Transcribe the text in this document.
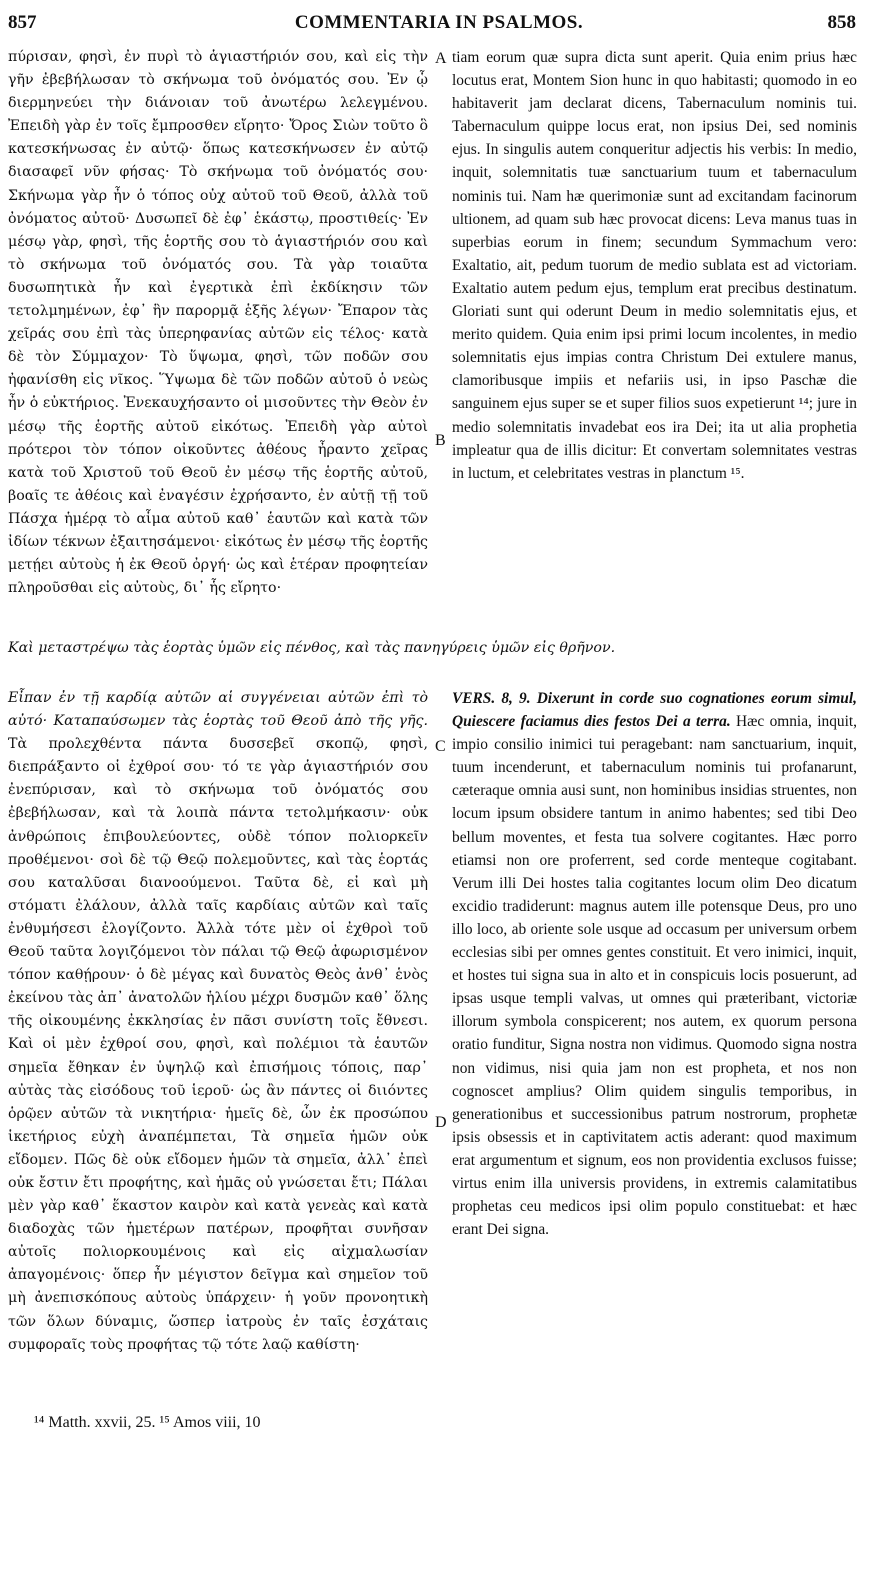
857	COMMENTARIA IN PSALMOS.	858
πύρισαν, φησὶ, ἐν πυρὶ τὸ ἁγιαστήριόν σου, καὶ εἰς τὴν γῆν ἐβεβήλωσαν τὸ σκήνωμα τοῦ ὀνόματός σου. Ἐν ᾧ διερμηνεύει τὴν διάνοιαν τοῦ ἀνωτέρω λελεγμένου. Ἐπειδὴ γὰρ ἐν τοῖς ἔμπροσθεν εἴρητο· Ὄρος Σιὼν τοῦτο ὃ κατεσκήνωσας ἐν αὐτῷ· ὅπως κατεσκήνωσεν ἐν αὐτῷ διασαφεῖ νῦν φήσας· Τὸ σκήνωμα τοῦ ὀνόματός σου· Σκήνωμα γὰρ ἦν ὁ τόπος οὐχ αὐτοῦ τοῦ Θεοῦ, ἀλλὰ τοῦ ὀνόματος αὐτοῦ· Δυσωπεῖ δὲ ἐφ᾽ ἑκάστῳ, προστιθείς· Ἐν μέσῳ γὰρ, φησὶ, τῆς ἑορτῆς σου τὸ ἁγιαστήριόν σου καὶ τὸ σκήνωμα τοῦ ὀνόματός σου. Τὰ γὰρ τοιαῦτα δυσωπητικὰ ἦν καὶ ἐγερτικὰ ἐπὶ ἐκδίκησιν τῶν τετολμημένων, ἐφ᾽ ἣν παρορμᾷ ἑξῆς λέγων· Ἔπαρον τὰς χεῖράς σου ἐπὶ τὰς ὑπερηφανίας αὐτῶν εἰς τέλος· κατὰ δὲ τὸν Σύμμαχον· Τὸ ὕψωμα, φησὶ, τῶν ποδῶν σου ἠφανίσθη εἰς νῖκος. Ὕψωμα δὲ τῶν ποδῶν αὐτοῦ ὁ νεὼς ἦν ὁ εὐκτήριος. Ἐνεκαυχήσαντο οἱ μισοῦντες τὴν Θεὸν ἐν μέσῳ τῆς ἑορτῆς αὐτοῦ εἰκότως. Ἐπειδὴ γὰρ αὐτοὶ πρότεροι τὸν τόπον οἰκοῦντες ἀθέους ἦραντο χεῖρας κατὰ τοῦ Χριστοῦ τοῦ Θεοῦ ἐν μέσῳ τῆς ἑορτῆς αὐτοῦ, βοαῖς τε ἀθέοις καὶ ἐναγέσιν ἐχρήσαντο, ἐν αὐτῇ τῇ τοῦ Πάσχα ἡμέρᾳ τὸ αἷμα αὐτοῦ καθ᾽ ἑαυτῶν καὶ κατὰ τῶν ἰδίων τέκνων ἐξαιτησάμενοι· εἰκότως ἐν μέσῳ τῆς ἑορτῆς μετῄει αὐτοὺς ἡ ἐκ Θεοῦ ὀργή· ὡς καὶ ἑτέραν προφητείαν πληροῦσθαι εἰς αὐτοὺς, δι᾽ ἧς εἴρητο·
tiam eorum quæ supra dicta sunt aperit. Quia enim prius hæc locutus erat, Montem Sion hunc in quo habitasti; quomodo in eo habitaverit jam declarat dicens, Tabernaculum nominis tui. Tabernaculum quippe locus erat, non ipsius Dei, sed nominis ejus. In singulis autem conqueritur adjectis his verbis: In medio, inquit, solemnitatis tuæ sanctuarium tuum et tabernaculum nominis tui. Nam hæ querimoniæ sunt ad excitandam facinorum ultionem, ad quam sub hæc provocat dicens: Leva manus tuas in superbias eorum in finem; secundum Symmachum vero: Exaltatio, ait, pedum tuorum de medio sublata est ad victoriam. Exaltatio autem pedum ejus, templum erat precibus destinatum. Gloriati sunt qui oderunt Deum in medio solemnitatis ejus, et merito quidem. Quia enim ipsi primi locum incolentes, in medio solemnitatis ejus impias contra Christum Dei extulere manus, clamoribusque impiis et nefariis usi, in ipso Paschæ die sanguinem ejus super se et super filios suos expetierunt ¹⁴; jure in medio solemnitatis invadebat eos ira Dei; ita ut alia prophetia impleatur qua de illis dicitur: Et convertam solemnitates vestras in luctum, et celebritates vestras in planctum ¹⁵.
Καὶ μεταστρέψω τὰς ἑορτὰς ὑμῶν εἰς πένθος, καὶ τὰς πανηγύρεις ὑμῶν εἰς θρῆνον.
Εἶπαν ἐν τῇ καρδίᾳ αὐτῶν αἱ συγγένειαι αὐτῶν ἐπὶ τὸ αὐτό· Καταπαύσωμεν τὰς ἑορτὰς τοῦ Θεοῦ ἀπὸ τῆς γῆς. Τὰ προλεχθέντα πάντα δυσσεβεῖ σκοπῷ, φησὶ, διεπράξαντο οἱ ἐχθροί σου· τό τε γὰρ ἁγιαστήριόν σου ἐνεπύρισαν, καὶ τὸ σκήνωμα τοῦ ὀνόματός σου ἐβεβήλωσαν, καὶ τὰ λοιπὰ πάντα τετολμήκασιν· οὐκ ἀνθρώποις ἐπιβουλεύοντες, οὐδὲ τόπον πολιορκεῖν προθέμενοι· σοὶ δὲ τῷ Θεῷ πολεμοῦντες, καὶ τὰς ἑορτάς σου καταλῦσαι διανοούμενοι. Ταῦτα δὲ, εἰ καὶ μὴ στόματι ἐλάλουν, ἀλλὰ ταῖς καρδίαις αὐτῶν καὶ ταῖς ἐνθυμήσεσι ἐλογίζοντο. Ἀλλὰ τότε μὲν οἱ ἐχθροὶ τοῦ Θεοῦ ταῦτα λογιζόμενοι τὸν πάλαι τῷ Θεῷ ἀφωρισμένον τόπον καθῄρουν· ὁ δὲ μέγας καὶ δυνατὸς Θεὸς ἀνθ᾽ ἑνὸς ἐκείνου τὰς ἀπ᾽ ἀνατολῶν ἡλίου μέχρι δυσμῶν καθ᾽ ὅλης τῆς οἰκουμένης ἐκκλησίας ἐν πᾶσι συνίστη τοῖς ἔθνεσι. Καὶ οἱ μὲν ἐχθροί σου, φησὶ, καὶ πολέμιοι τὰ ἑαυτῶν σημεῖα ἔθηκαν ἐν ὑψηλῷ καὶ ἐπισήμοις τόποις, παρ᾽ αὐτὰς τὰς εἰσόδους τοῦ ἱεροῦ· ὡς ἂν πάντες οἱ διιόντες ὁρῷεν αὐτῶν τὰ νικητήρια· ἡμεῖς δὲ, ὧν ἐκ προσώπου ἱκετήριος εὐχὴ ἀναπέμπεται, Τὰ σημεῖα ἡμῶν οὐκ εἴδομεν. Πῶς δὲ οὐκ εἴδομεν ἡμῶν τὰ σημεῖα, ἀλλ᾽ ἐπεὶ οὐκ ἔστιν ἔτι προφήτης, καὶ ἡμᾶς οὐ γνώσεται ἔτι; Πάλαι μὲν γὰρ καθ᾽ ἕκαστον καιρὸν καὶ κατὰ γενεὰς καὶ κατὰ διαδοχὰς τῶν ἡμετέρων πατέρων, προφῆται συνῆσαν αὐτοῖς πολιορκουμένοις καὶ εἰς αἰχμαλωσίαν ἀπαγομένοις· ὅπερ ἦν μέγιστον δεῖγμα καὶ σημεῖον τοῦ μὴ ἀνεπισκόπους αὐτοὺς ὑπάρχειν· ἡ γοῦν προνοητικὴ τῶν ὅλων δύναμις, ὥσπερ ἰατροὺς ἐν ταῖς ἐσχάταις συμφοραῖς τοὺς προφήτας τῷ τότε λαῷ καθίστη·
VERS. 8, 9. Dixerunt in corde suo cognationes eorum simul, Quiescere faciamus dies festos Dei a terra. Hæc omnia, inquit, impio consilio inimici tui peragebant: nam sanctuarium, inquit, tuum incenderunt, et tabernaculum nominis tui profanarunt, cæteraque omnia ausi sunt, non hominibus insidias struentes, non locum ipsum obsidere tantum in animo habentes; sed tibi Deo bellum moventes, et festa tua solvere cogitantes. Hæc porro etiamsi non ore proferrent, sed corde menteque cogitabant. Verum illi Dei hostes talia cogitantes locum olim Deo dicatum excidio tradiderunt: magnus autem ille potensque Deus, pro uno illo loco, ab oriente sole usque ad occasum per universum orbem ecclesias sibi per omnes gentes constituit. Et vero inimici, inquit, et hostes tui signa sua in alto et in conspicuis locis posuerunt, ad ipsas usque templi valvas, ut omnes qui præteribant, victoriæ illorum symbola conspicerent; nos autem, ex quorum persona oratio funditur, Signa nostra non vidimus. Quomodo signa nostra non vidimus, nisi quia jam non est propheta, et nos non cognoscet amplius? Olim quidem singulis temporibus, in generationibus et successionibus patrum nostrorum, prophetæ ipsis obsessis et in captivitatem actis aderant: quod maximum erat argumentum et signum, eos non providentia exclusos fuisse; virtus enim illa universis providens, in extremis calamitatibus prophetas ceu medicos ipsi olim populo constituebat: et hæc erant Dei signa.
A
B
C
D
¹⁴ Matth. xxvii, 25. ¹⁵ Amos viii, 10
